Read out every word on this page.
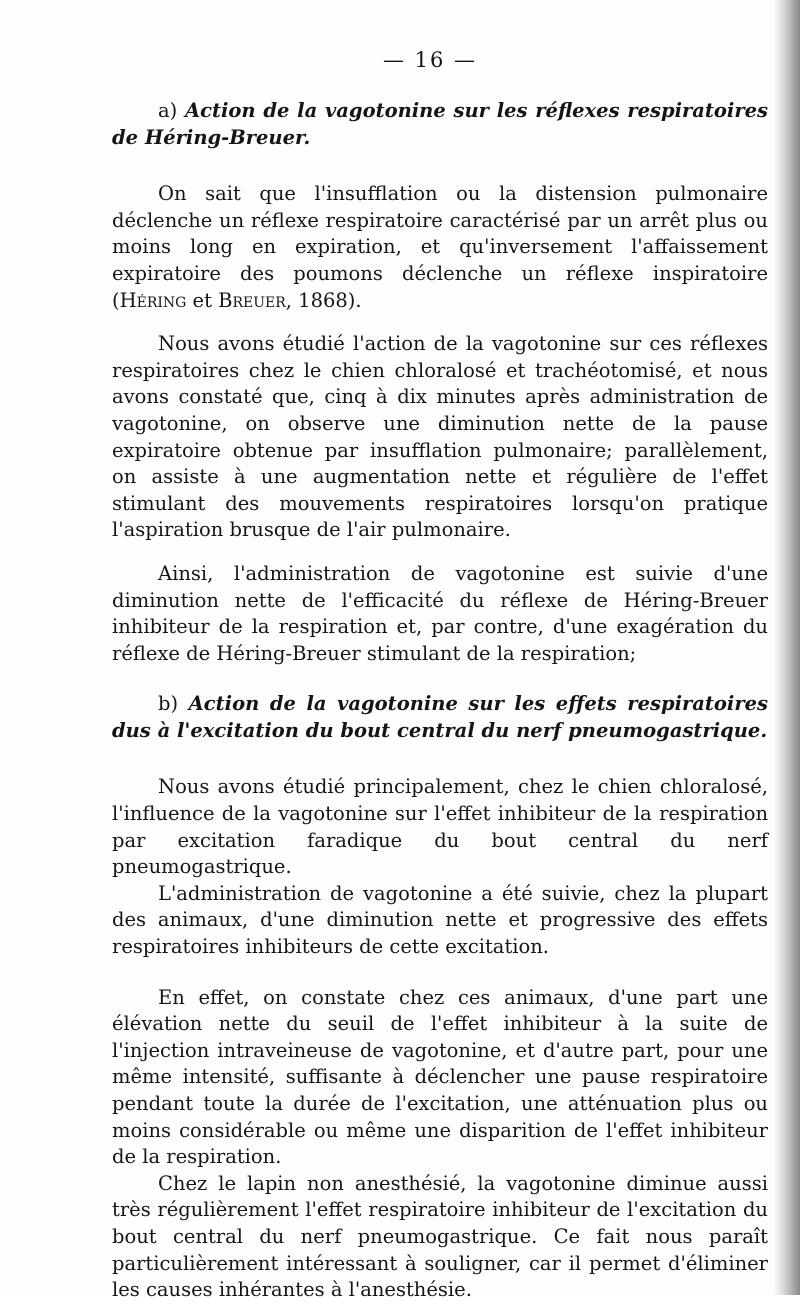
— 16 —

a) Action de la vagotonine sur les réflexes respiratoires de Héring-Breuer.

On sait que l'insufflation ou la distension pulmonaire déclenche un réflexe respiratoire caractérisé par un arrêt plus ou moins long en expiration, et qu'inversement l'affaissement expiratoire des poumons déclenche un réflexe inspiratoire (Héring et Breuer, 1868).

Nous avons étudié l'action de la vagotonine sur ces réflexes respiratoires chez le chien chloralosé et trachéotomisé, et nous avons constaté que, cinq à dix minutes après administration de vagotonine, on observe une diminution nette de la pause expiratoire obtenue par insufflation pulmonaire; parallèlement, on assiste à une augmentation nette et régulière de l'effet stimulant des mouvements respiratoires lorsqu'on pratique l'aspiration brusque de l'air pulmonaire.

Ainsi, l'administration de vagotonine est suivie d'une diminution nette de l'efficacité du réflexe de Héring-Breuer inhibiteur de la respiration et, par contre, d'une exagération du réflexe de Héring-Breuer stimulant de la respiration;

b) Action de la vagotonine sur les effets respiratoires dus à l'excitation du bout central du nerf pneumogastrique.

Nous avons étudié principalement, chez le chien chloralosé, l'influence de la vagotonine sur l'effet inhibiteur de la respiration par excitation faradique du bout central du nerf pneumogastrique.

L'administration de vagotonine a été suivie, chez la plupart des animaux, d'une diminution nette et progressive des effets respiratoires inhibiteurs de cette excitation.

En effet, on constate chez ces animaux, d'une part une élévation nette du seuil de l'effet inhibiteur à la suite de l'injection intraveineuse de vagotonine, et d'autre part, pour une même intensité, suffisante à déclencher une pause respiratoire pendant toute la durée de l'excitation, une atténuation plus ou moins considérable ou même une disparition de l'effet inhibiteur de la respiration.

Chez le lapin non anesthésié, la vagotonine diminue aussi très régulièrement l'effet respiratoire inhibiteur de l'excitation du bout central du nerf pneumogastrique. Ce fait nous paraît particulièrement intéressant à souligner, car il permet d'éliminer les causes inhérantes à l'anesthésie.
